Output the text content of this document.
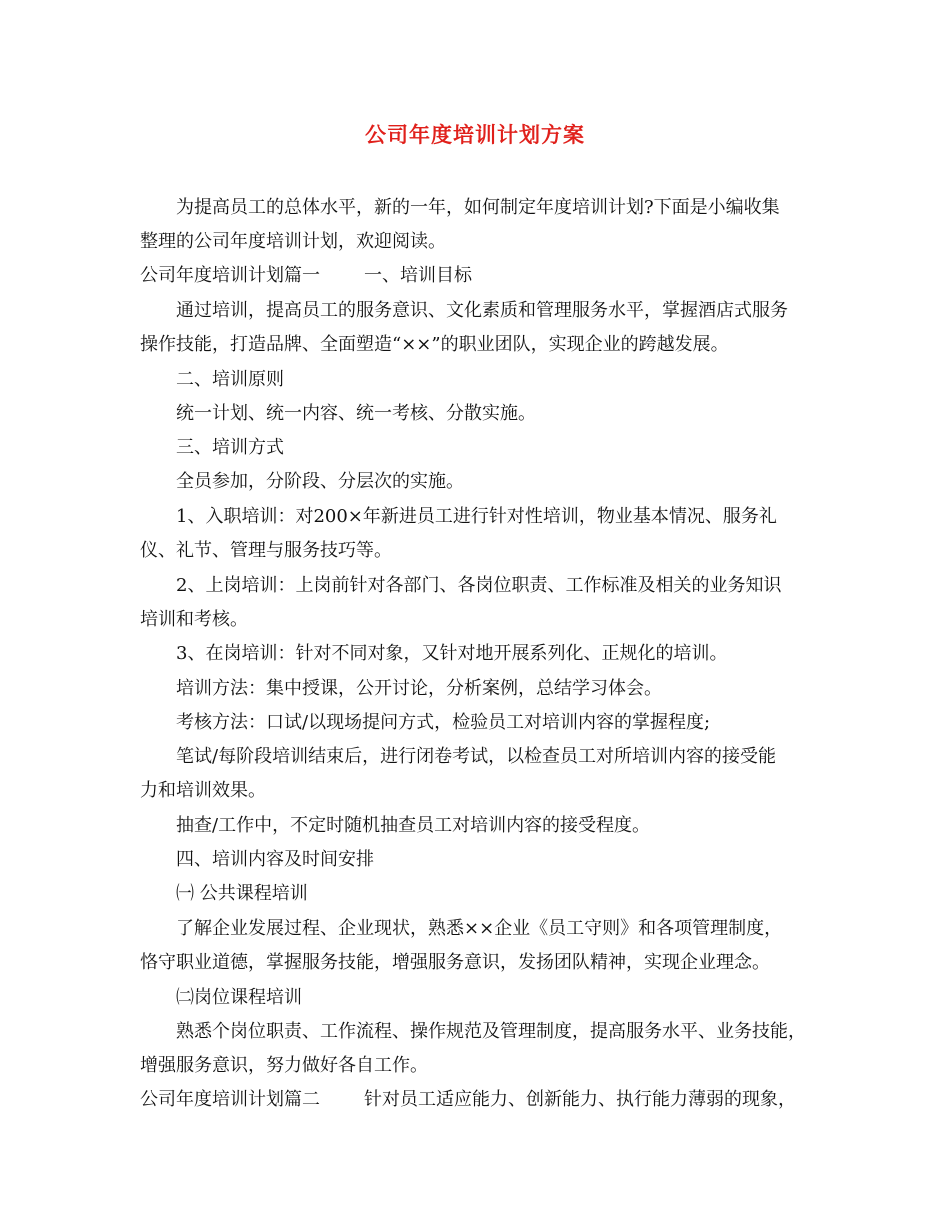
公司年度培训计划方案
为提高员工的总体水平，新的一年，如何制定年度培训计划?下面是小编收集
整理的公司年度培训计划，欢迎阅读。
公司年度培训计划篇一 一、培训目标
通过培训，提高员工的服务意识、文化素质和管理服务水平，掌握酒店式服务
操作技能，打造品牌、全面塑造“××”的职业团队，实现企业的跨越发展。
二、培训原则
统一计划、统一内容、统一考核、分散实施。
三、培训方式
全员参加，分阶段、分层次的实施。
1、入职培训：对200×年新进员工进行针对性培训，物业基本情况、服务礼
仪、礼节、管理与服务技巧等。
2、上岗培训：上岗前针对各部门、各岗位职责、工作标准及相关的业务知识
培训和考核。
3、在岗培训：针对不同对象，又针对地开展系列化、正规化的培训。
培训方法：集中授课，公开讨论，分析案例，总结学习体会。
考核方法：口试/以现场提问方式，检验员工对培训内容的掌握程度;
笔试/每阶段培训结束后，进行闭卷考试，以检查员工对所培训内容的接受能
力和培训效果。
抽查/工作中，不定时随机抽查员工对培训内容的接受程度。
四、培训内容及时间安排
㈠ 公共课程培训
了解企业发展过程、企业现状，熟悉××企业《员工守则》和各项管理制度，
恪守职业道德，掌握服务技能，增强服务意识，发扬团队精神，实现企业理念。
㈡岗位课程培训
熟悉个岗位职责、工作流程、操作规范及管理制度，提高服务水平、业务技能，
增强服务意识，努力做好各自工作。
公司年度培训计划篇二 针对员工适应能力、创新能力、执行能力薄弱的现象，
